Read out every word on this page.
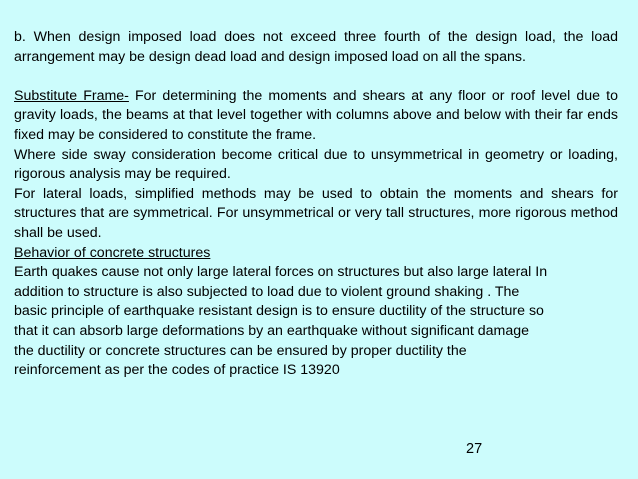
b. When design imposed load does not exceed three fourth of the design load, the load arrangement may be design dead load and design imposed load on all the spans.

Substitute Frame- For determining the moments and shears at any floor or roof level due to gravity loads, the beams at that level together with columns above and below with their far ends fixed may be considered to constitute the frame.

Where side sway consideration become critical due to unsymmetrical in geometry or loading, rigorous analysis may be required.

For lateral loads, simplified methods may be used to obtain the moments and shears for structures that are symmetrical. For unsymmetrical or very tall structures, more rigorous method shall be used.

Behavior of concrete structures

Earth quakes cause not only large lateral forces on structures but also large lateral In
addition to structure is also subjected to load due to violent ground shaking . The
basic principle of earthquake resistant design is to ensure ductility of the structure so
that it can absorb large deformations by an earthquake without significant damage
the ductility or concrete structures can be ensured by proper ductility the
reinforcement as per the codes of practice IS 13920
27
